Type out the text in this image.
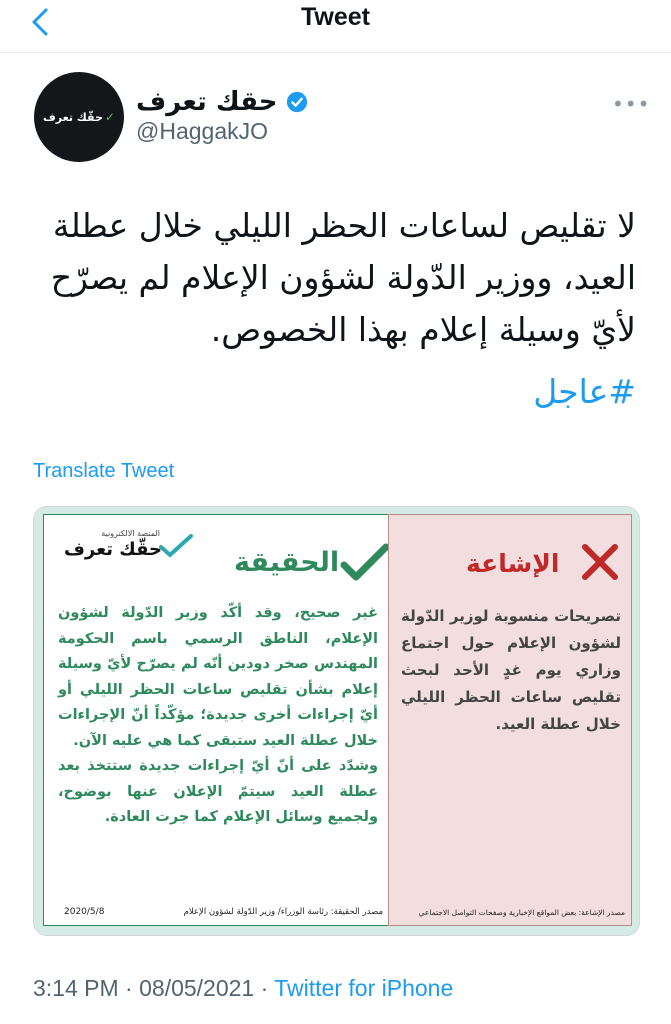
Tweet
حقّك تعرف ✓ حقك تعرف
@HaggakJO
•••
لا تقليص لساعات الحظر الليلي خلال عطلة العيد، ووزير الدّولة لشؤون الإعلام لم يصرّح لأيّ وسيلة إعلام بهذا الخصوص.
#عاجل
Translate Tweet
المنصة الالكترونية
حقّك تعرف	الحقيقة
غير صحيح، وقد أكّد وزير الدّولة لشؤون الإعلام، الناطق الرسمي باسم الحكومة المهندس صخر دودين أنّه لم يصرّح لأيّ وسيلة إعلام بشأن تقليص ساعات الحظر الليلي أو أيّ إجراءات أخرى جديدة؛ مؤكّداً أنّ الإجراءات خلال عطلة العيد ستبقى كما هي عليه الآن.
وشدّد على أنّ أيّ إجراءات جديدة ستتخذ بعد عطلة العيد سيتمّ الإعلان عنها بوضوح، ولجميع وسائل الإعلام كما جرت العادة.
مصدر الحقيقة: رئاسة الوزراء/ وزير الدّولة لشؤون الإعلام
2020/5/8
الإشاعة
تصريحات منسوبة لوزير الدّولة لشؤون الإعلام حول اجتماع وزاري يوم غدٍ الأحد لبحث تقليص ساعات الحظر الليلي خلال عطلة العيد.
مصدر الإشاعة: بعض المواقع الإخبارية وصفحات التواصل الاجتماعي
3:14 PM · 08/05/2021 · Twitter for iPhone
